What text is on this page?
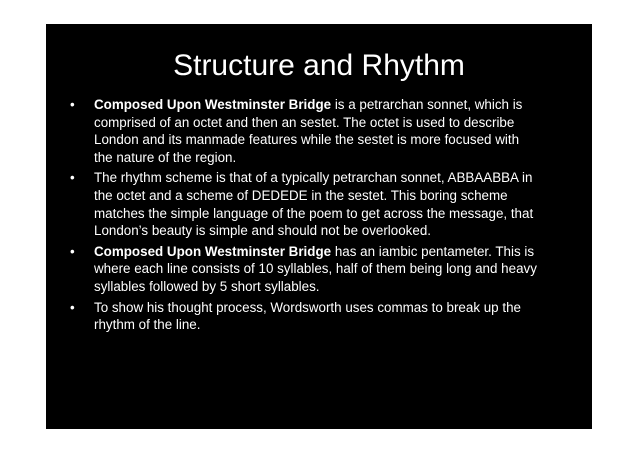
Structure and Rhythm
• Composed Upon Westminster Bridge is a petrarchan sonnet, which is comprised of an octet and then an sestet. The octet is used to describe London and its manmade features while the sestet is more focused with the nature of the region.
• The rhythm scheme is that of a typically petrarchan sonnet, ABBAABBA in the octet and a scheme of DEDEDE in the sestet. This boring scheme matches the simple language of the poem to get across the message, that London’s beauty is simple and should not be overlooked.
• Composed Upon Westminster Bridge has an iambic pentameter. This is where each line consists of 10 syllables, half of them being long and heavy syllables followed by 5 short syllables.
• To show his thought process, Wordsworth uses commas to break up the rhythm of the line.
